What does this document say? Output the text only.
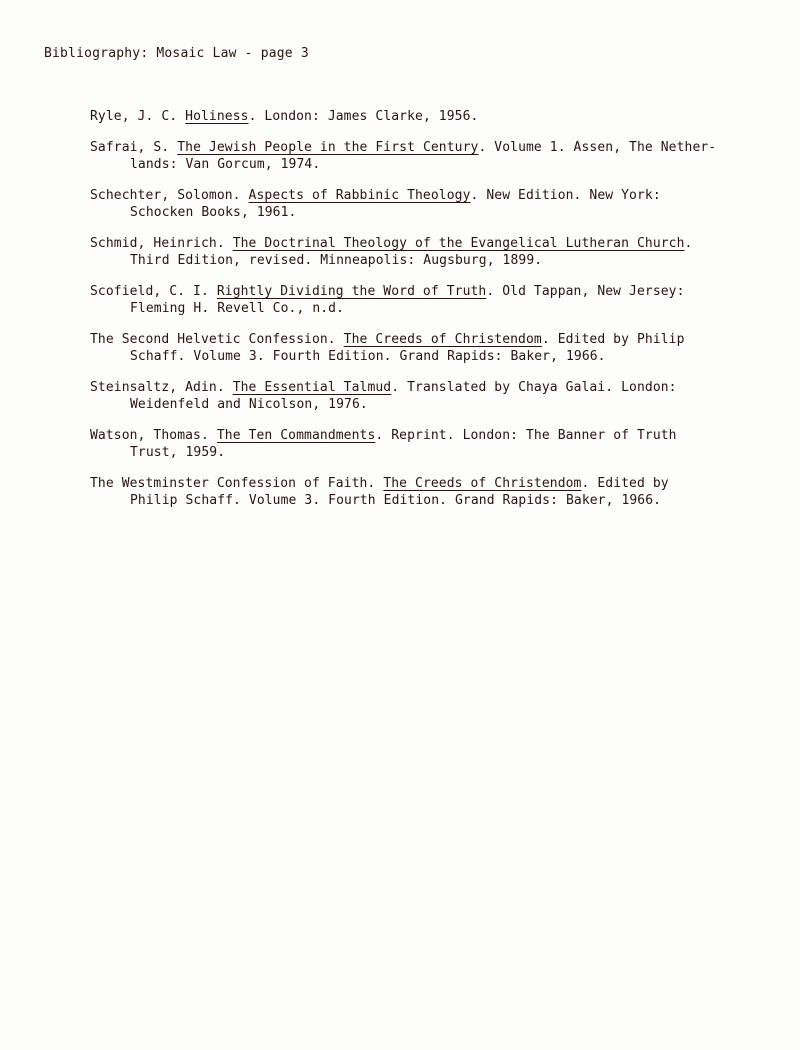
Bibliography: Mosaic Law - page 3
Ryle, J. C. Holiness. London: James Clarke, 1956.
Safrai, S. The Jewish People in the First Century. Volume 1. Assen, The Nether-
lands: Van Gorcum, 1974.
Schechter, Solomon. Aspects of Rabbinic Theology. New Edition. New York:
Schocken Books, 1961.
Schmid, Heinrich. The Doctrinal Theology of the Evangelical Lutheran Church.
Third Edition, revised. Minneapolis: Augsburg, 1899.
Scofield, C. I. Rightly Dividing the Word of Truth. Old Tappan, New Jersey:
Fleming H. Revell Co., n.d.
The Second Helvetic Confession. The Creeds of Christendom. Edited by Philip
Schaff. Volume 3. Fourth Edition. Grand Rapids: Baker, 1966.
Steinsaltz, Adin. The Essential Talmud. Translated by Chaya Galai. London:
Weidenfeld and Nicolson, 1976.
Watson, Thomas. The Ten Commandments. Reprint. London: The Banner of Truth
Trust, 1959.
The Westminster Confession of Faith. The Creeds of Christendom. Edited by
Philip Schaff. Volume 3. Fourth Edition. Grand Rapids: Baker, 1966.
